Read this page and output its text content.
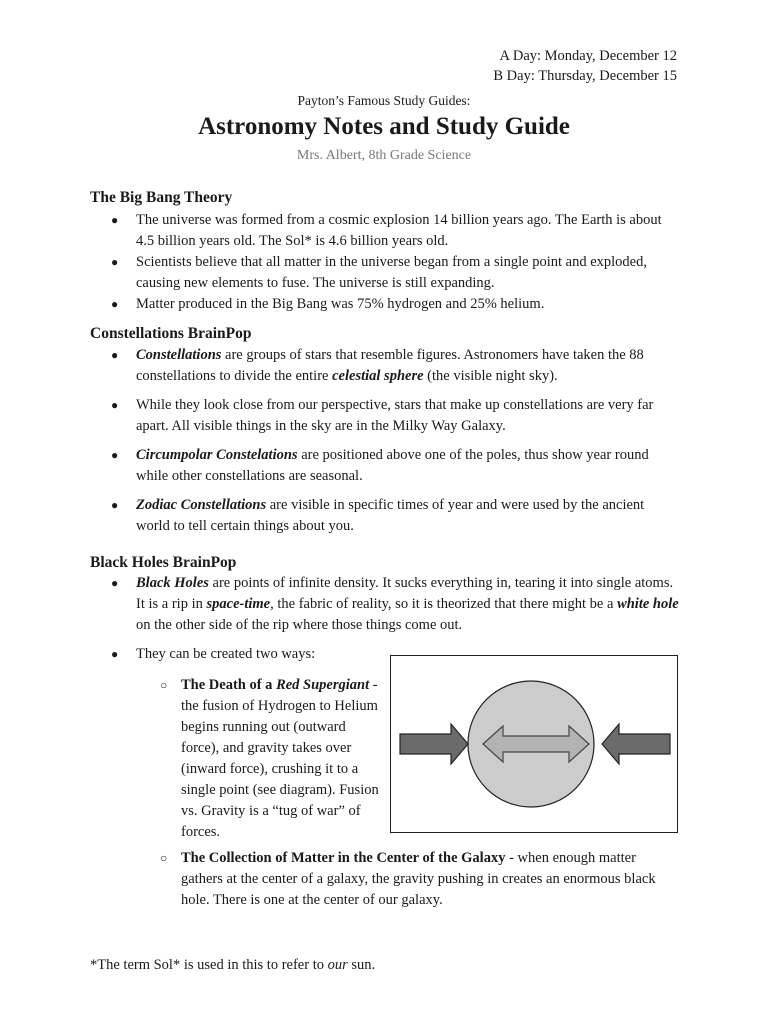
A Day: Monday, December 12
B Day: Thursday, December 15
Payton’s Famous Study Guides:
Astronomy Notes and Study Guide
Mrs. Albert, 8th Grade Science
The Big Bang Theory
● The universe was formed from a cosmic explosion 14 billion years ago. The Earth is about 4.5 billion years old. The Sol* is 4.6 billion years old.
● Scientists believe that all matter in the universe began from a single point and exploded, causing new elements to fuse. The universe is still expanding.
● Matter produced in the Big Bang was 75% hydrogen and 25% helium.
Constellations BrainPop
● Constellations are groups of stars that resemble figures. Astronomers have taken the 88 constellations to divide the entire celestial sphere (the visible night sky).
● While they look close from our perspective, stars that make up constellations are very far apart. All visible things in the sky are in the Milky Way Galaxy.
● Circumpolar Constelations are positioned above one of the poles, thus show year round while other constellations are seasonal.
● Zodiac Constellations are visible in specific times of year and were used by the ancient world to tell certain things about you.
Black Holes BrainPop
● Black Holes are points of infinite density. It sucks everything in, tearing it into single atoms. It is a rip in space-time, the fabric of reality, so it is theorized that there might be a white hole on the other side of the rip where those things come out.
● They can be created two ways:
○ The Death of a Red Supergiant - the fusion of Hydrogen to Helium begins running out (outward force), and gravity takes over (inward force), crushing it to a single point (see diagram). Fusion vs. Gravity is a “tug of war” of forces.
○ The Collection of Matter in the Center of the Galaxy - when enough matter gathers at the center of a galaxy, the gravity pushing in creates an enormous black hole. There is one at the center of our galaxy.
*The term Sol* is used in this to refer to our sun.
